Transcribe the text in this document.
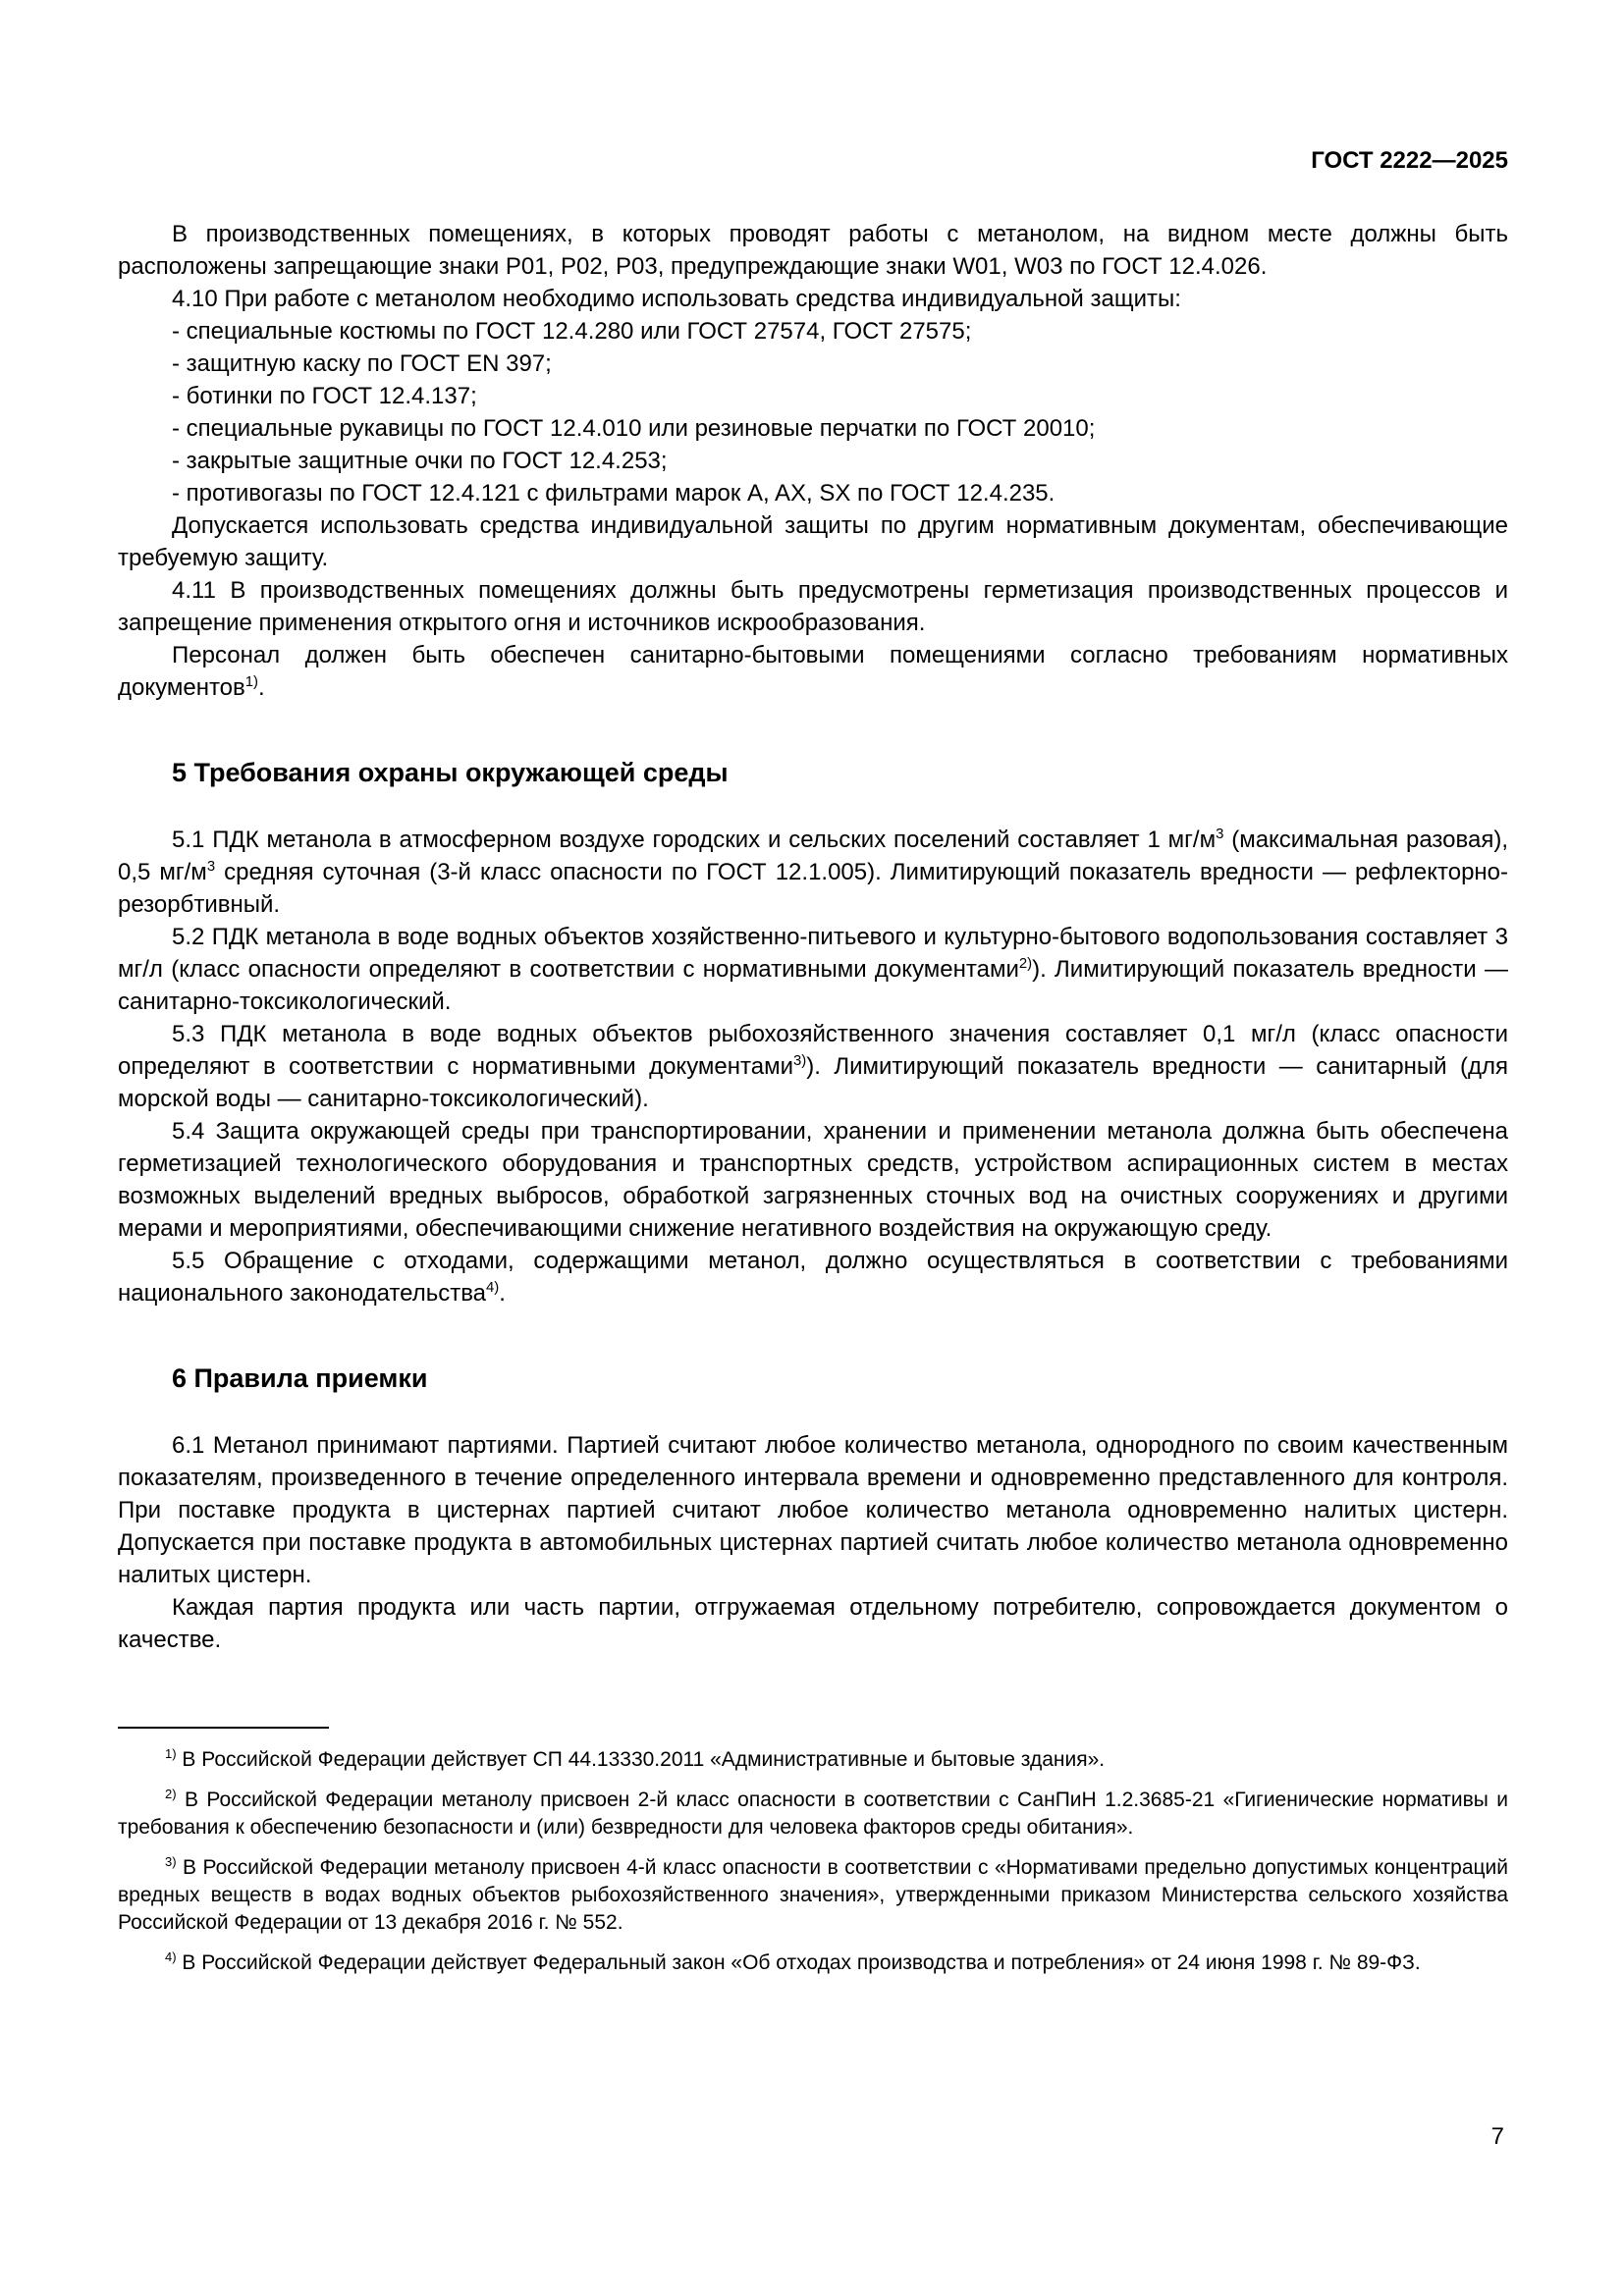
ГОСТ 2222—2025

В производственных помещениях, в которых проводят работы с метанолом, на видном месте должны быть расположены запрещающие знаки Р01, Р02, Р03, предупреждающие знаки W01, W03 по ГОСТ 12.4.026.

4.10 При работе с метанолом необходимо использовать средства индивидуальной защиты:

- специальные костюмы по ГОСТ 12.4.280 или ГОСТ 27574, ГОСТ 27575;

- защитную каску по ГОСТ EN 397;

- ботинки по ГОСТ 12.4.137;

- специальные рукавицы по ГОСТ 12.4.010 или резиновые перчатки по ГОСТ 20010;

- закрытые защитные очки по ГОСТ 12.4.253;

- противогазы по ГОСТ 12.4.121 с фильтрами марок A, AX, SX по ГОСТ 12.4.235.

Допускается использовать средства индивидуальной защиты по другим нормативным документам, обеспечивающие требуемую защиту.

4.11 В производственных помещениях должны быть предусмотрены герметизация производственных процессов и запрещение применения открытого огня и источников искрообразования.

Персонал должен быть обеспечен санитарно-бытовыми помещениями согласно требованиям нормативных документов$^{1)}$.

5 Требования охраны окружающей среды

5.1 ПДК метанола в атмосферном воздухе городских и сельских поселений составляет 1 $мг/м^3$ (максимальная разовая), 0,5 $мг/м^3$ средняя суточная (3-й класс опасности по ГОСТ 12.1.005). Лимитирующий показатель вредности — рефлекторно-резорбтивный.

5.2 ПДК метанола в воде водных объектов хозяйственно-питьевого и культурно-бытового водопользования составляет 3 мг/л (класс опасности определяют в соответствии с нормативными документами$^{2)}$). Лимитирующий показатель вредности — санитарно-токсикологический.

5.3 ПДК метанола в воде водных объектов рыбохозяйственного значения составляет 0,1 мг/л (класс опасности определяют в соответствии с нормативными документами$^{3)}$). Лимитирующий показатель вредности — санитарный (для морской воды — санитарно-токсикологический).

5.4 Защита окружающей среды при транспортировании, хранении и применении метанола должна быть обеспечена герметизацией технологического оборудования и транспортных средств, устройством аспирационных систем в местах возможных выделений вредных выбросов, обработкой загрязненных сточных вод на очистных сооружениях и другими мерами и мероприятиями, обеспечивающими снижение негативного воздействия на окружающую среду.

5.5 Обращение с отходами, содержащими метанол, должно осуществляться в соответствии с требованиями национального законодательства$^{4)}$.

6 Правила приемки

6.1 Метанол принимают партиями. Партией считают любое количество метанола, однородного по своим качественным показателям, произведенного в течение определенного интервала времени и одновременно представленного для контроля. При поставке продукта в цистернах партией считают любое количество метанола одновременно налитых цистерн. Допускается при поставке продукта в автомобильных цистернах партией считать любое количество метанола одновременно налитых цистерн.

Каждая партия продукта или часть партии, отгружаемая отдельному потребителю, сопровождается документом о качестве.

$^{1)}$ В Российской Федерации действует СП 44.13330.2011 «Административные и бытовые здания».

$^{2)}$ В Российской Федерации метанолу присвоен 2-й класс опасности в соответствии с СанПиН 1.2.3685-21 «Гигиенические нормативы и требования к обеспечению безопасности и (или) безвредности для человека факторов среды обитания».

$^{3)}$ В Российской Федерации метанолу присвоен 4-й класс опасности в соответствии с «Нормативами предельно допустимых концентраций вредных веществ в водах водных объектов рыбохозяйственного значения», утвержденными приказом Министерства сельского хозяйства Российской Федерации от 13 декабря 2016 г. № 552.

$^{4)}$ В Российской Федерации действует Федеральный закон «Об отходах производства и потребления» от 24 июня 1998 г. № 89-ФЗ.

7
